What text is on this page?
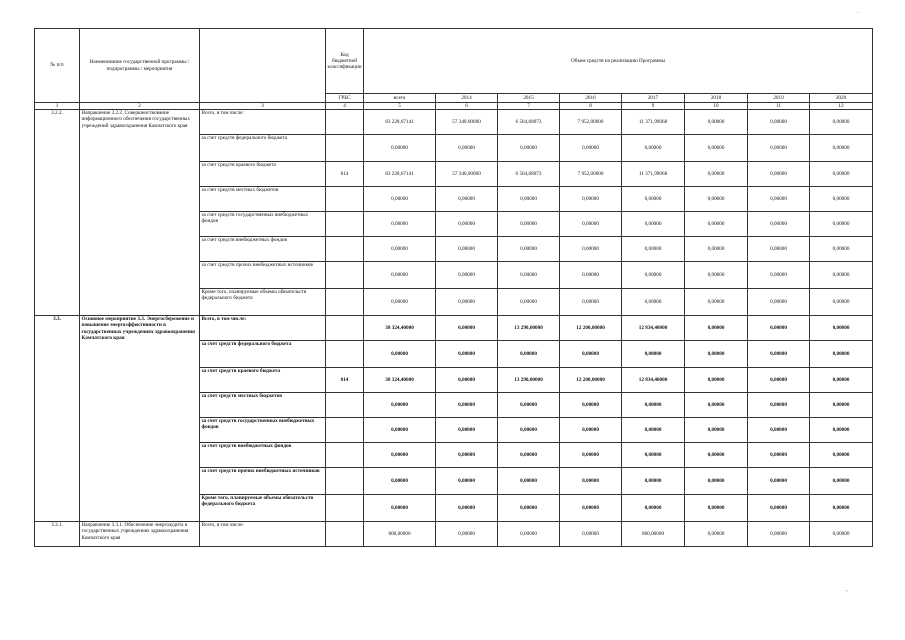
·
‚
№ п/п	Наименование государственной программы / подпрограммы / мероприятия		Код бюджетной классификации	Объем средств на реализацию Программы							
			ГРБС	всего	2014	2015	2016	2017	2018	2019	2020
1	2	3	4	5	6	7	8	9	10	11	12
3.2.2.	Направление 3.2.2. Совершенствование информационного обеспечения государственных учреждений здравоохранения Камчатского края	Всего, в том числе:		83 228,67141	57 340,00000	6 564,68073	7 952,00000	11 371,99068	0,00000	0,00000	0,00000
		за счет средств федерального бюджета		0,00000	0,00000	0,00000	0,00000	0,00000	0,00000	0,00000	0,00000
		за счет средств краевого бюджета	814	83 228,67141	57 340,00000	6 564,68073	7 952,00000	11 371,99068	0,00000	0,00000	0,00000
		за счет средств местных бюджетов		0,00000	0,00000	0,00000	0,00000	0,00000	0,00000	0,00000	0,00000
		за счет средств государственных внебюджетных фондов		0,00000	0,00000	0,00000	0,00000	0,00000	0,00000	0,00000	0,00000
		за счет средств внебюджетных фондов		0,00000	0,00000	0,00000	0,00000	0,00000	0,00000	0,00000	0,00000
		за счет средств прочих внебюджетных источников		0,00000	0,00000	0,00000	0,00000	0,00000	0,00000	0,00000	0,00000
		Кроме того, планируемые объемы обязательств федерального бюджета		0,00000	0,00000	0,00000	0,00000	0,00000	0,00000	0,00000	0,00000
3.3.	Основное мероприятие 3.3. Энергосбережение и повышение энергоэффективности в государственных учреждениях здравоохранения Камчатского края	Всего, в том числе:		38 324,40000	0,00000	13 290,00000	12 200,00000	12 834,40000	0,00000	0,00000	0,00000
		за счет средств федерального бюджета		0,00000	0,00000	0,00000	0,00000	0,00000	0,00000	0,00000	0,00000
		за счет средств краевого бюджета	814	38 324,40000	0,00000	13 290,00000	12 200,00000	12 834,40000	0,00000	0,00000	0,00000
		за счет средств местных бюджетов		0,00000	0,00000	0,00000	0,00000	0,00000	0,00000	0,00000	0,00000
		за счет средств государственных внебюджетных фондов		0,00000	0,00000	0,00000	0,00000	0,00000	0,00000	0,00000	0,00000
		за счет средств внебюджетных фондов		0,00000	0,00000	0,00000	0,00000	0,00000	0,00000	0,00000	0,00000
		за счет средств прочих внебюджетных источников		0,00000	0,00000	0,00000	0,00000	0,00000	0,00000	0,00000	0,00000
		Кроме того, планируемые объемы обязательств федерального бюджета		0,00000	0,00000	0,00000	0,00000	0,00000	0,00000	0,00000	0,00000
3.3.1.	Направление 3.3.1. Обеспечение энергоаудита в государственных учреждениях здравоохранения Камчатского края	Всего, в том числе:		800,00000	0,00000	0,00000	0,00000	800,00000	0,00000	0,00000	0,00000
